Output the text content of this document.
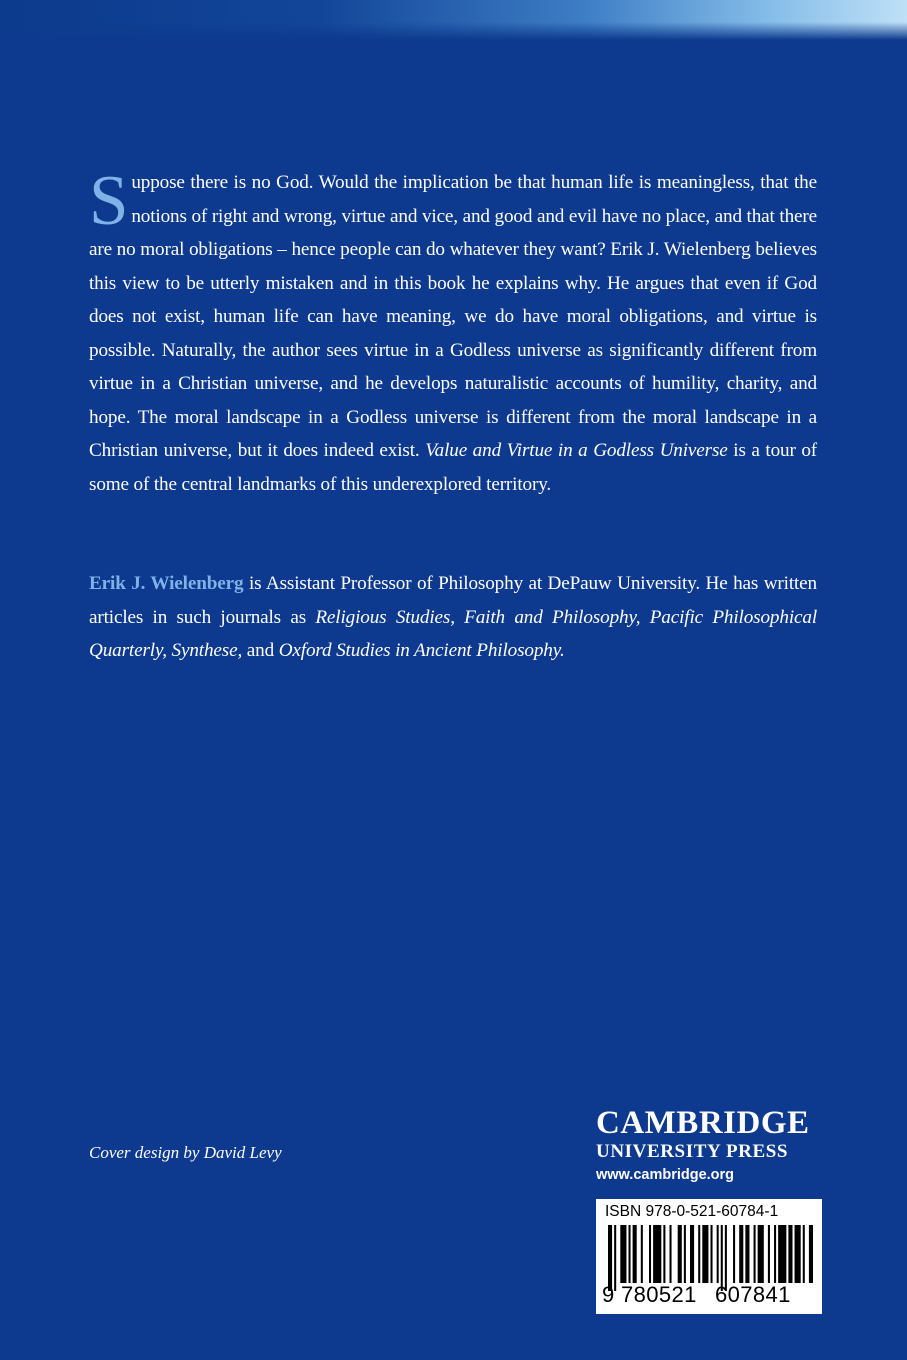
S uppose there is no God. Would the implication be that human life is meaningless, that the notions of right and wrong, virtue and vice, and good and evil have no place, and that there are no moral obligations – hence people can do whatever they want? Erik J. Wielenberg believes this view to be utterly mistaken and in this book he explains why. He argues that even if God does not exist, human life can have meaning, we do have moral obligations, and virtue is possible. Naturally, the author sees virtue in a Godless universe as significantly different from virtue in a Christian universe, and he develops naturalistic accounts of humility, charity, and hope. The moral landscape in a Godless universe is different from the moral landscape in a Christian universe, but it does indeed exist. Value and Virtue in a Godless Universe is a tour of some of the central landmarks of this underexplored territory.

Erik J. Wielenberg is Assistant Professor of Philosophy at DePauw University. He has written articles in such journals as Religious Studies, Faith and Philosophy, Pacific Philosophical Quarterly, Synthese, and Oxford Studies in Ancient Philosophy.

Cover design by David Levy
CAMBRIDGE
UNIVERSITY PRESS
www.cambridge.org
ISBN 978-0-521-60784-1
9 780521 607841
